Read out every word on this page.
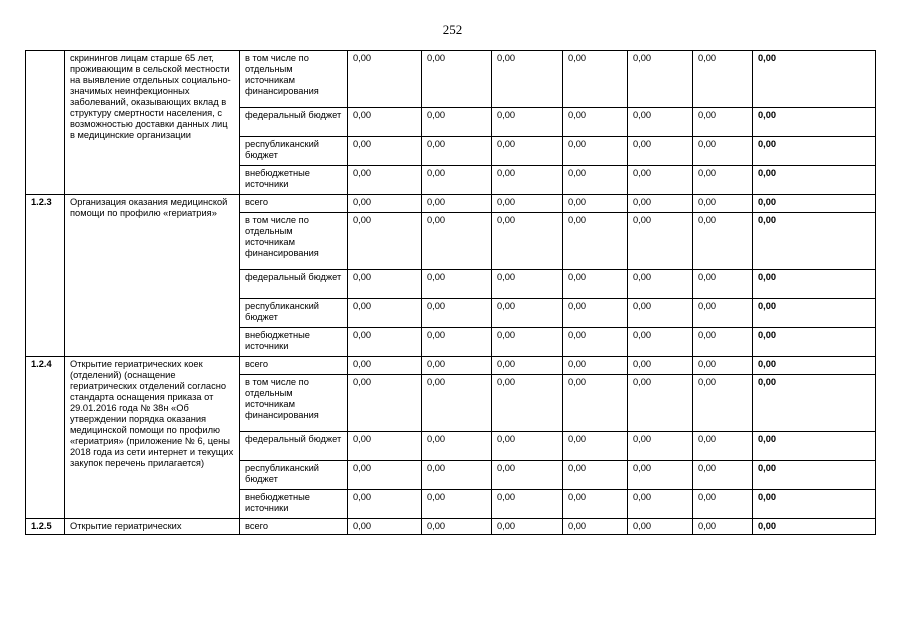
252
	скринингов лицам старше 65 лет, проживающим в сельской местности на выявление отдельных социально-значимых неинфекционных заболеваний, оказывающих вклад в структуру смертности населения, с возможностью доставки данных лиц в медицинские организации	в том числе по отдельным источникам финансирования	0,00	0,00	0,00	0,00	0,00	0,00	0,00
		федеральный бюджет	0,00	0,00	0,00	0,00	0,00	0,00	0,00
		республиканский бюджет	0,00	0,00	0,00	0,00	0,00	0,00	0,00
		внебюджетные источники	0,00	0,00	0,00	0,00	0,00	0,00	0,00
1.2.3	Организация оказания медицинской помощи по профилю «гериатрия»	всего	0,00	0,00	0,00	0,00	0,00	0,00	0,00
		в том числе по отдельным источникам финансирования	0,00	0,00	0,00	0,00	0,00	0,00	0,00
		федеральный бюджет	0,00	0,00	0,00	0,00	0,00	0,00	0,00
		республиканский бюджет	0,00	0,00	0,00	0,00	0,00	0,00	0,00
		внебюджетные источники	0,00	0,00	0,00	0,00	0,00	0,00	0,00
1.2.4	Открытие гериатрических коек (отделений) (оснащение гериатрических отделений согласно стандарта оснащения приказа от 29.01.2016 года № 38н «Об утверждении порядка оказания медицинской помощи по профилю «гериатрия» (приложение № 6, цены 2018 года из сети интернет и текущих закупок перечень прилагается)	всего	0,00	0,00	0,00	0,00	0,00	0,00	0,00
		в том числе по отдельным источникам финансирования	0,00	0,00	0,00	0,00	0,00	0,00	0,00
		федеральный бюджет	0,00	0,00	0,00	0,00	0,00	0,00	0,00
		республиканский бюджет	0,00	0,00	0,00	0,00	0,00	0,00	0,00
		внебюджетные источники	0,00	0,00	0,00	0,00	0,00	0,00	0,00
1.2.5	Открытие гериатрических	всего	0,00	0,00	0,00	0,00	0,00	0,00	0,00
